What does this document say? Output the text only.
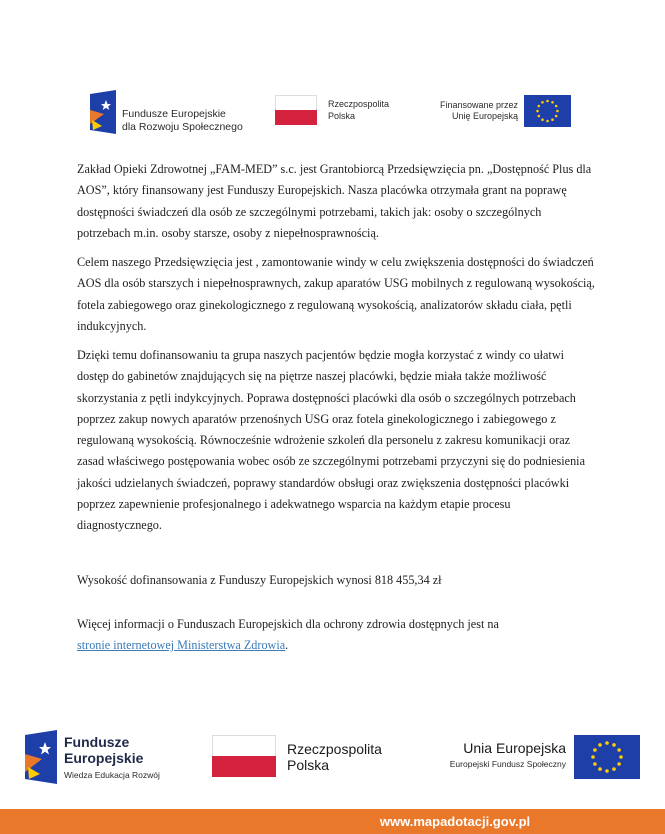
Fundusze Europejskie
dla Rozwoju Społecznego
Rzeczpospolita
Polska
Finansowane przez
Unię Europejską
Zakład Opieki Zdrowotnej „FAM-MED” s.c. jest Grantobiorcą Przedsięwzięcia pn. „Dostępność Plus dla AOS”, który finansowany jest Funduszy Europejskich. Nasza placówka otrzymała grant na poprawę dostępności świadczeń dla osób ze szczególnymi potrzebami, takich jak: osoby o szczególnych potrzebach m.in. osoby starsze, osoby z niepełnosprawnością.
Celem naszego Przedsięwzięcia jest , zamontowanie windy w celu zwiększenia dostępności do świadczeń AOS dla osób starszych i niepełnosprawnych, zakup aparatów USG mobilnych z regulowaną wysokością, fotela zabiegowego oraz ginekologicznego z regulowaną wysokością, analizatorów składu ciała, pętli indukcyjnych.
Dzięki temu dofinansowaniu ta grupa naszych pacjentów będzie mogła korzystać z windy co ułatwi dostęp do gabinetów znajdujących się na piętrze naszej placówki, będzie miała także możliwość skorzystania z pętli indykcyjnych. Poprawa dostępności placówki dla osób o szczególnych potrzebach poprzez zakup nowych aparatów przenośnych USG oraz fotela ginekologicznego i zabiegowego z regulowaną wysokością. Równocześnie wdrożenie szkoleń dla personelu z zakresu komunikacji oraz zasad właściwego postępowania wobec osób ze szczególnymi potrzebami przyczyni się do podniesienia jakości udzielanych świadczeń, poprawy standardów obsługi oraz zwiększenia dostępności placówki poprzez zapewnienie profesjonalnego i adekwatnego wsparcia na każdym etapie procesu diagnostycznego.
Wysokość dofinansowania z Funduszy Europejskich wynosi 818 455,34 zł
Więcej informacji o Funduszach Europejskich dla ochrony zdrowia dostępnych jest na
stronie internetowej Ministerstwa Zdrowia.
Fundusze
Europejskie
Wiedza Edukacja Rozwój
Rzeczpospolita
Polska
Unia Europejska
Europejski Fundusz Społeczny
www.mapadotacji.gov.pl
